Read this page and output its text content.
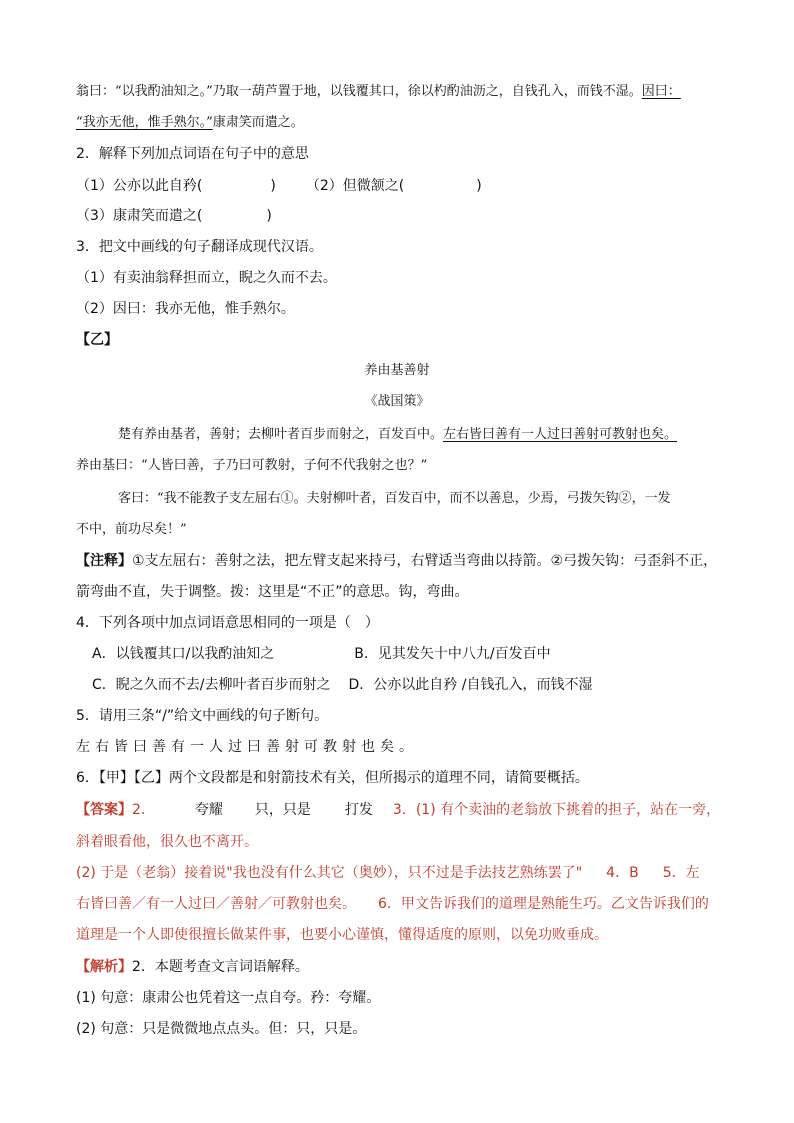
翁曰：“以我酌油知之。”乃取一葫芦置于地，以钱覆其口，徐以杓酌油沥之，自钱孔入，而钱不湿。因曰：
“我亦无他，惟手熟尔。”康肃笑而遣之。
2．解释下列加点词语在句子中的意思
（1）公亦以此自矜(	) （2）但微颔之(	)
（3）康肃笑而遣之(	)
3．把文中画线的句子翻译成现代汉语。
（1）有卖油翁释担而立，睨之久而不去。
（2）因曰：我亦无他，惟手熟尔。
【乙】
养由基善射
《战国策》
楚有养由基者，善射；去柳叶者百步而射之，百发百中。左右皆曰善有一人过曰善射可教射也矣。
养由基曰：“人皆曰善，子乃曰可教射，子何不代我射之也？”
客曰：“我不能教子支左屈右①。夫射柳叶者，百发百中，而不以善息，少焉，弓拨矢钩②，一发
不中，前功尽矣！”
【注释】①支左屈右：善射之法，把左臂支起来持弓，右臂适当弯曲以持箭。②弓拨矢钩：弓歪斜不正，
箭弯曲不直，失于调整。拨：这里是“不正”的意思。钩，弯曲。
4．下列各项中加点词语意思相同的一项是（　）
A．以钱覆其口/以我酌油知之	B．见其发矢十中八九/百发百中
C．睨之久而不去/去柳叶者百步而射之 D．公亦以此自矜 /自钱孔入，而钱不湿
5．请用三条“/”给文中画线的句子断句。
左右皆曰善有一人过曰善射可教射也矣。
6．【甲】【乙】两个文段都是和射箭技术有关，但所揭示的道理不同，请简要概括。
【答案】2．	夸耀 只，只是 打发 3．(1) 有个卖油的老翁放下挑着的担子，站在一旁，
斜着眼看他，很久也不离开。
(2) 于是（老翁）接着说"我也没有什么其它（奥妙），只不过是手法技艺熟练罢了" 4．B 5．左
右皆曰善／有一人过曰／善射／可教射也矣。 6．甲文告诉我们的道理是熟能生巧。乙文告诉我们的
道理是一个人即使很擅长做某件事，也要小心谨慎，懂得适度的原则，以免功败垂成。
【解析】2．本题考查文言词语解释。
(1) 句意：康肃公也凭着这一点自夸。矜：夸耀。
(2) 句意：只是微微地点点头。但：只，只是。
